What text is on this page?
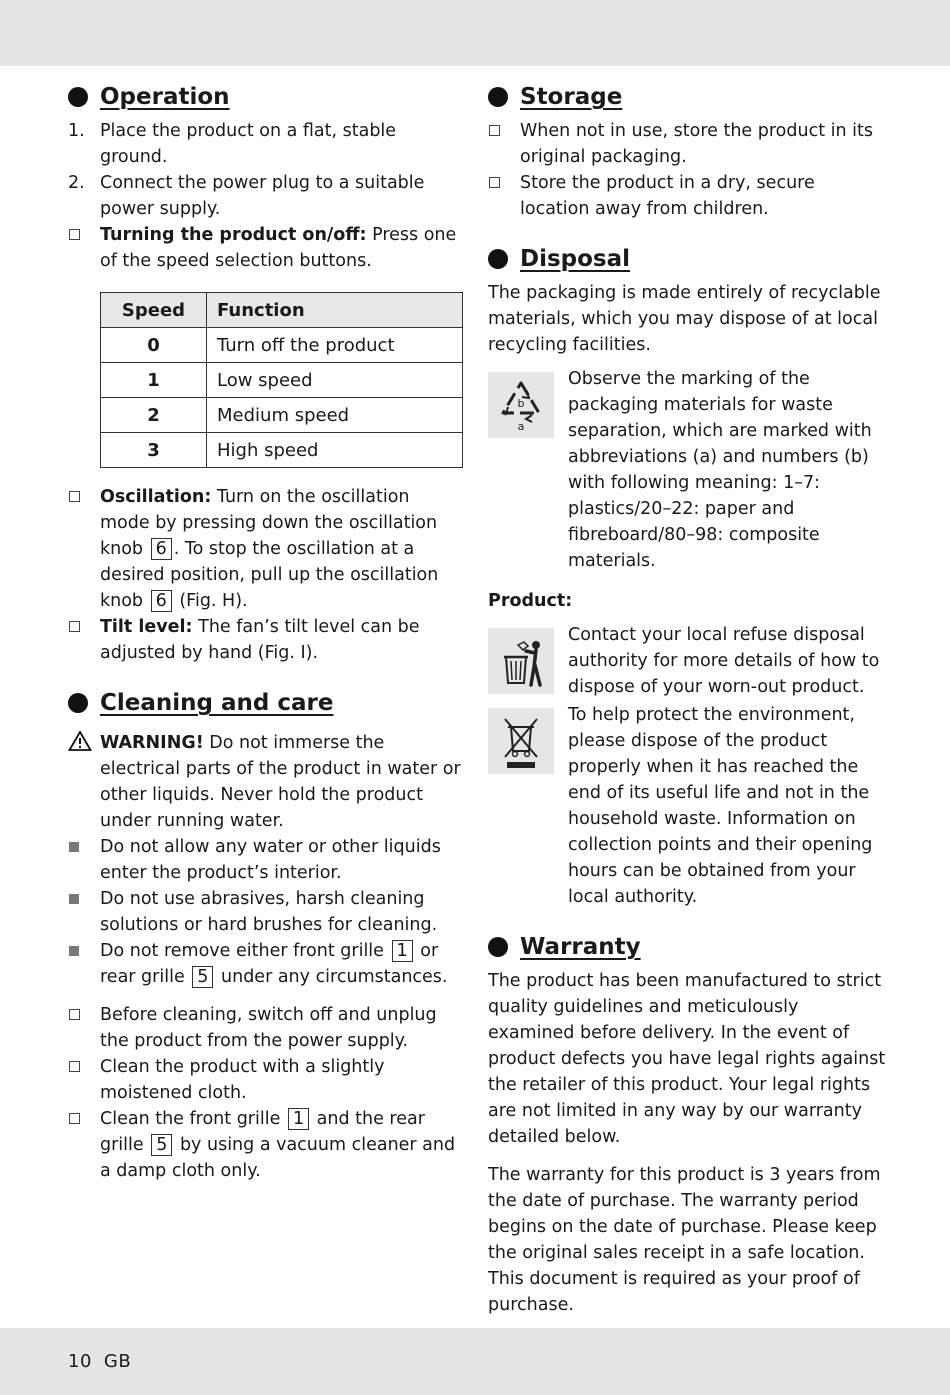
Operation
1. Place the product on a flat, stable ground.
2. Connect the power plug to a suitable power supply.
Turning the product on/off: Press one of the speed selection buttons.
Speed	Function
0	Turn off the product
1	Low speed
2	Medium speed
3	High speed
Oscillation: Turn on the oscillation mode by pressing down the oscillation knob 6 . To stop the oscillation at a desired position, pull up the oscillation knob 6 (Fig. H).
Tilt level: The fan’s tilt level can be adjusted by hand (Fig. I).
Cleaning and care
WARNING! Do not immerse the electrical parts of the product in water or other liquids. Never hold the product under running water.
Do not allow any water or other liquids enter the product’s interior.
Do not use abrasives, harsh cleaning solutions or hard brushes for cleaning.
Do not remove either front grille 1 or rear grille 5 under any circumstances.
Before cleaning, switch off and unplug the product from the power supply.
Clean the product with a slightly moistened cloth.
Clean the front grille 1 and the rear grille 5 by using a vacuum cleaner and a damp cloth only.
Storage
When not in use, store the product in its original packaging.
Store the product in a dry, secure location away from children.
Disposal

The packaging is made entirely of recyclable materials, which you may dispose of at local recycling facilities.

b
a

Observe the marking of the packaging materials for waste separation, which are marked with abbreviations (a) and numbers (b) with following meaning: 1–7: plastics/20–22: paper and fibreboard/80–98: composite materials.

Product:

Contact your local refuse disposal authority for more details of how to dispose of your worn-out product.

To help protect the environment, please dispose of the product properly when it has reached the end of its useful life and not in the household waste. Information on collection points and their opening hours can be obtained from your local authority.

Warranty

The product has been manufactured to strict quality guidelines and meticulously examined before delivery. In the event of product defects you have legal rights against the retailer of this product. Your legal rights are not limited in any way by our warranty detailed below.

The warranty for this product is 3 years from the date of purchase. The warranty period begins on the date of purchase. Please keep the original sales receipt in a safe location. This document is required as your proof of purchase.

10 GB
